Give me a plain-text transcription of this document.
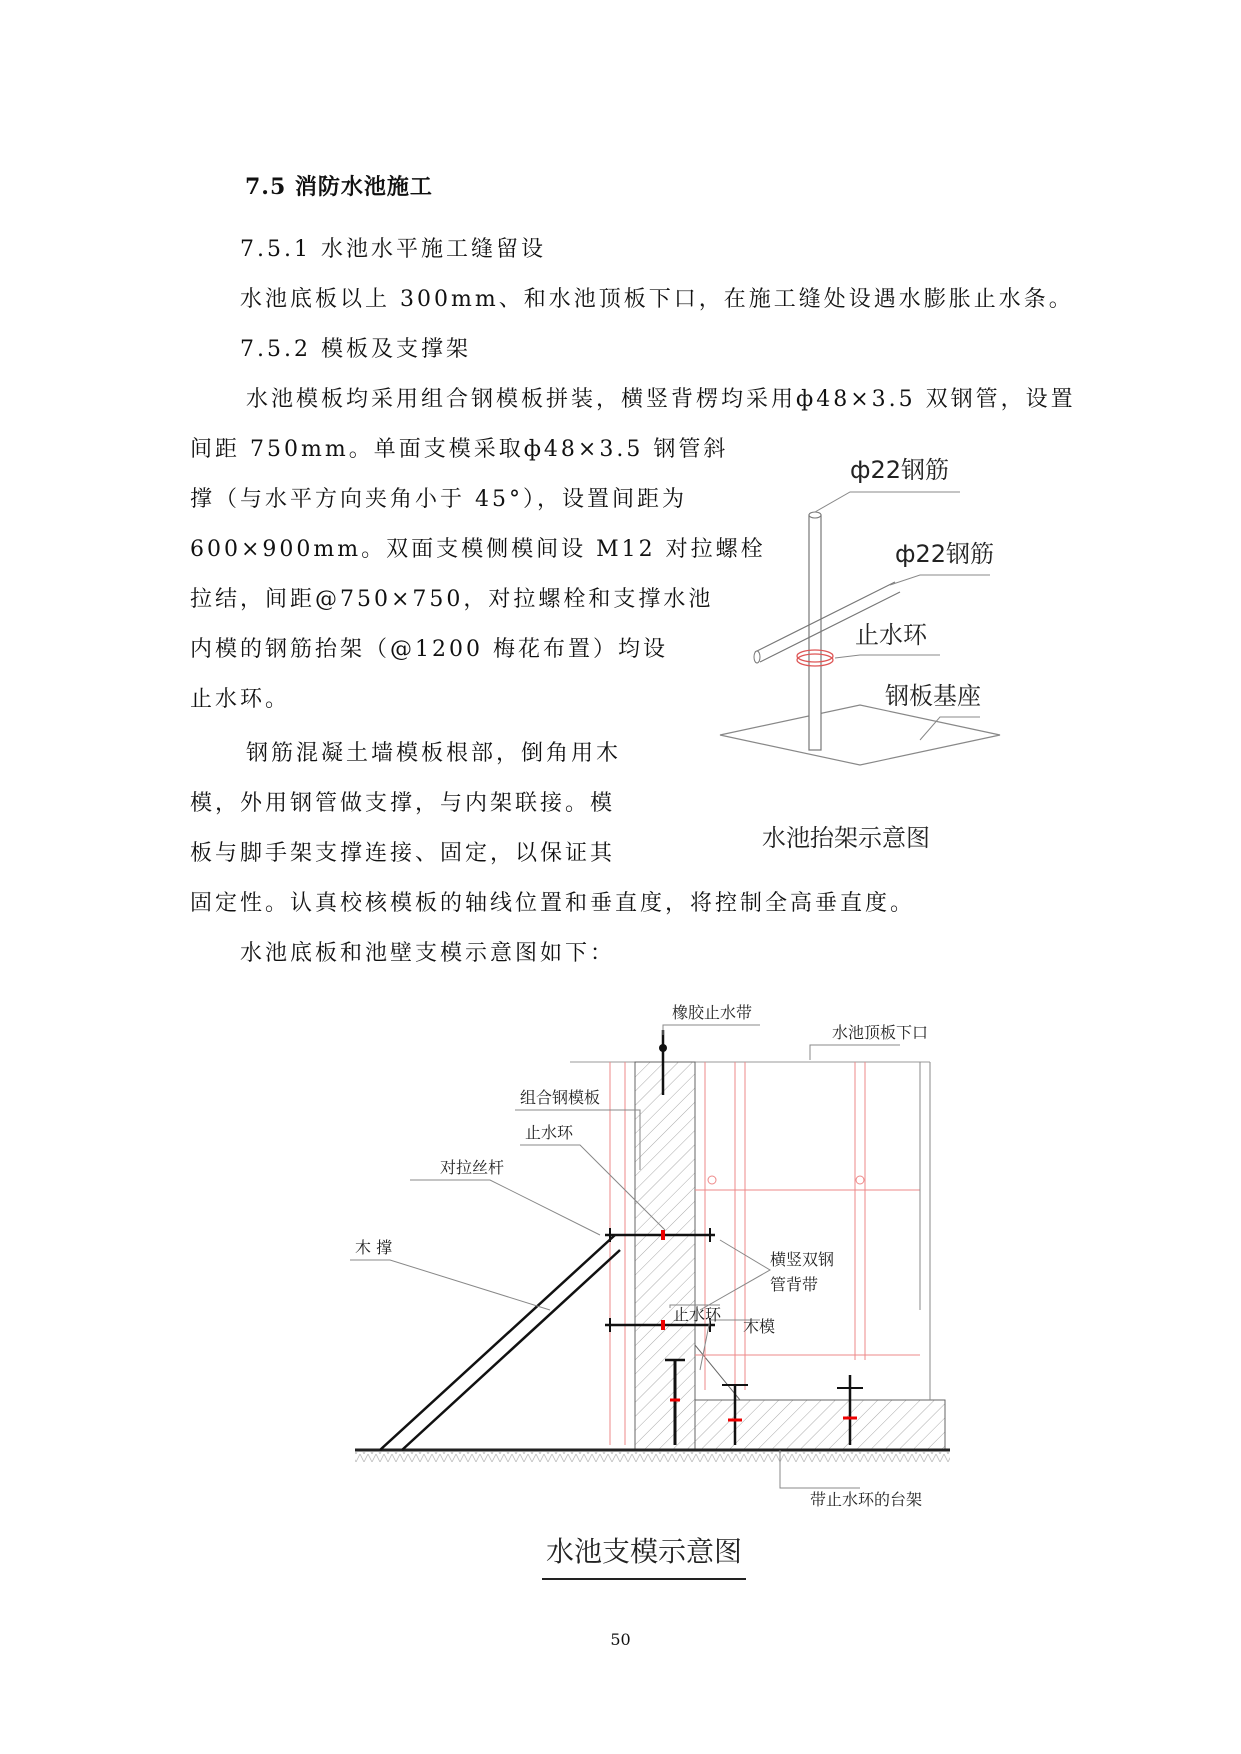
7.5 消防水池施工
7.5.1 水池水平施工缝留设
水池底板以上 300mm、和水池顶板下口，在施工缝处设遇水膨胀止水条。
7.5.2 模板及支撑架
水池模板均采用组合钢模板拼装，横竖背楞均采用ф48×3.5 双钢管，设置
间距 750mm。单面支模采取ф48×3.5 钢管斜
撑（与水平方向夹角小于 45°），设置间距为
600×900mm。双面支模侧模间设 M12 对拉螺栓
拉结，间距@750×750，对拉螺栓和支撑水池
内模的钢筋抬架（@1200 梅花布置）均设
止水环。
钢筋混凝土墙模板根部，倒角用木
模，外用钢管做支撑，与内架联接。模
板与脚手架支撑连接、固定，以保证其
固定性。认真校核模板的轴线位置和垂直度，将控制全高垂直度。
水池底板和池壁支模示意图如下：
ф22钢筋
ф22钢筋
止水环
钢板基座
水池抬架示意图
橡胶止水带
水池顶板下口
组合钢模板
止水环
对拉丝杆
木 撑
横竖双钢
管背带
止水环
木模
带止水环的台架
水池支模示意图
50
